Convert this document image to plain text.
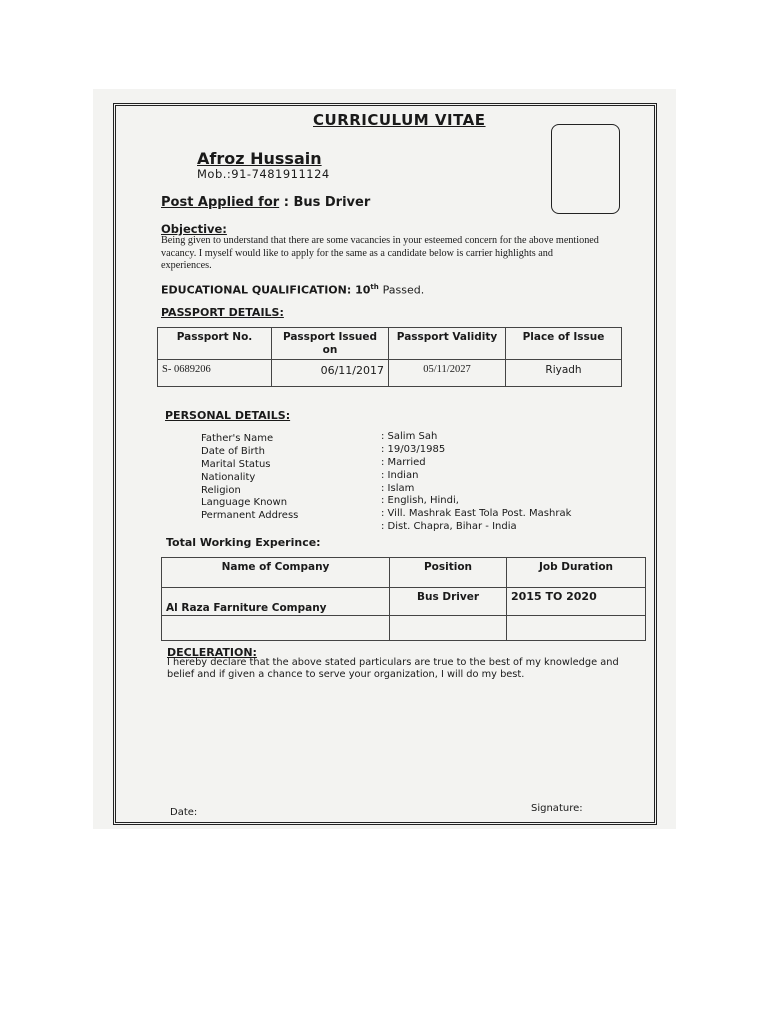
CURRICULUM VITAE
Afroz Hussain
Mob.:91-7481911124
Post Applied for : Bus Driver
Objective:
Being given to understand that there are some vacancies in your esteemed concern for the above mentioned vacancy. I myself would like to apply for the same as a candidate below is carrier highlights and experiences.
EDUCATIONAL QUALIFICATION: 10th Passed.
PASSPORT DETAILS:
Passport No.	Passport Issued on	Passport Validity	Place of Issue
S- 0689206	06/11/2017	05/11/2027	Riyadh
PERSONAL DETAILS:
Father's Name	: Salim Sah
Date of Birth	: 19/03/1985
Marital Status	: Married
Nationality	: Indian
Religion	: Islam
Language Known	: English, Hindi,
Permanent Address	: Vill. Mashrak East Tola Post. Mashrak
: Dist. Chapra, Bihar - India
Total Working Experince:
Name of Company	Position	Job Duration
Al Raza Farniture Company	Bus Driver	2015 TO 2020

DECLERATION:
I hereby declare that the above stated particulars are true to the best of my knowledge and belief and if given a chance to serve your organization, I will do my best.
Date:	Signature:
